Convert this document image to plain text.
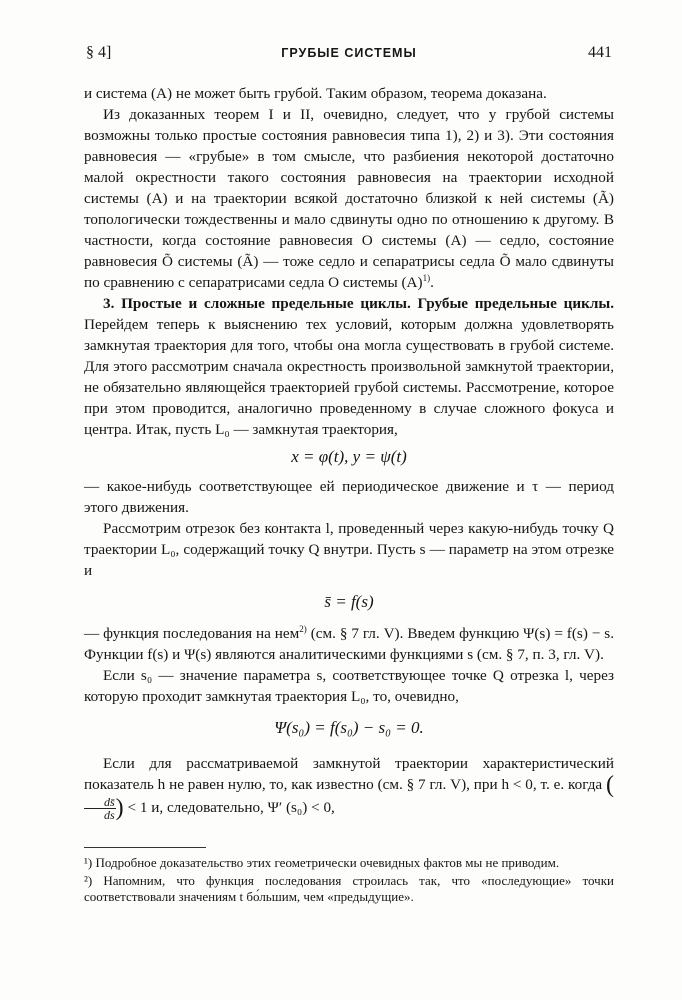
§ 4]	ГРУБЫЕ СИСТЕМЫ	441

и система (A) не может быть грубой. Таким образом, теорема доказана.

Из доказанных теорем I и II, очевидно, следует, что у грубой системы возможны только простые состояния равновесия типа 1), 2) и 3). Эти состояния равновесия — «грубые» в том смысле, что разбиения некоторой достаточно малой окрестности такого состояния равновесия на траектории исходной системы (A) и на траектории всякой достаточно близкой к ней системы (Ã) топологически тождественны и мало сдвинуты одно по отношению к другому. В частности, когда состояние равновесия O системы (A) — седло, состояние равновесия Õ системы (Ã) — тоже седло и сепаратрисы седла Õ мало сдвинуты по сравнению с сепаратрисами седла O системы $(A)^{1)}$.

3. Простые и сложные предельные циклы. Грубые предельные циклы. Перейдем теперь к выяснению тех условий, которым должна удовлетворять замкнутая траектория для того, чтобы она могла существовать в грубой системе. Для этого рассмотрим сначала окрестность произвольной замкнутой траектории, не обязательно являющейся траекторией грубой системы. Рассмотрение, которое при этом проводится, аналогично проведенному в случае сложного фокуса и центра. Итак, пусть L₀ — замкнутая траектория,

x = φ(t), y = ψ(t)

— какое-нибудь соответствующее ей периодическое движение и τ — период этого движения.

Рассмотрим отрезок без контакта l, проведенный через какую-нибудь точку Q траектории L₀, содержащий точку Q внутри. Пусть s — параметр на этом отрезке и

s̄ = f(s)

— функция последования на нем$^{2)}$ (см. § 7 гл. V). Введем функцию Ψ(s) = f(s) − s. Функции f(s) и Ψ(s) являются аналитическими функциями s (см. § 7, п. 3, гл. V).

Если s₀ — значение параметра s, соответствующее точке Q отрезка l, через которую проходит замкнутая траектория L₀, то, очевидно,

Ψ(s₀) = f(s₀) − s₀ = 0.

Если для рассматриваемой замкнутой траектории характеристический показатель h не равен нулю, то, как известно (см. § 7 гл. V), при h < 0, т. е. когда (
$\frac{ds̄}{ds}$ ) < 1 и, следовательно, Ψ′ (s₀) < 0,

¹) Подробное доказательство этих геометрически очевидных фактов мы не приводим.
²) Напомним, что функция последования строилась так, что «последующие» точки соответствовали значениям t бо́льшим, чем «предыдущие».
